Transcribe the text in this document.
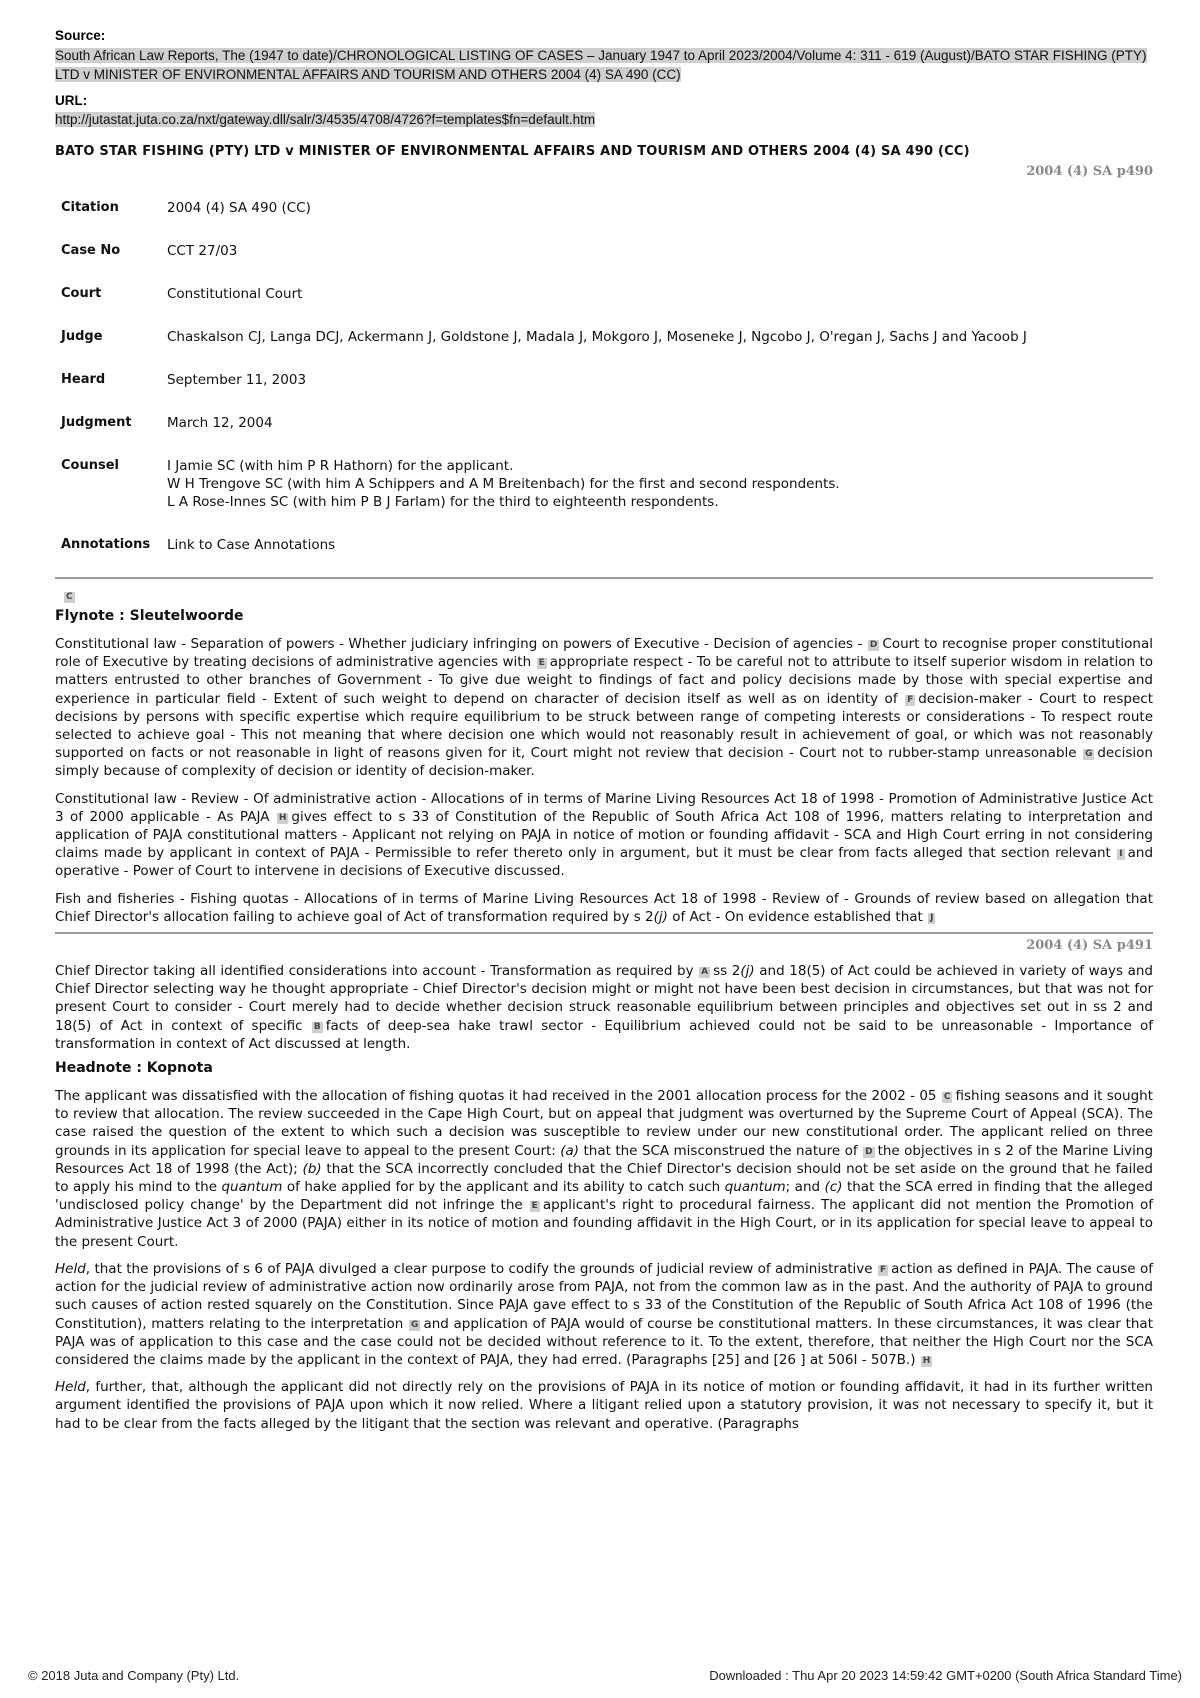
Source:
South African Law Reports, The (1947 to date)/CHRONOLOGICAL LISTING OF CASES – January 1947 to April 2023/2004/Volume 4: 311 - 619 (August)/BATO STAR FISHING (PTY) LTD v MINISTER OF ENVIRONMENTAL AFFAIRS AND TOURISM AND OTHERS 2004 (4) SA 490 (CC)
URL:
http://jutastat.juta.co.za/nxt/gateway.dll/salr/3/4535/4708/4726?f=templates$fn=default.htm
BATO STAR FISHING (PTY) LTD v MINISTER OF ENVIRONMENTAL AFFAIRS AND TOURISM AND OTHERS 2004 (4) SA 490 (CC)
2004 (4) SA p490
Citation	2004 (4) SA 490 (CC)
Case No	CCT 27/03
Court	Constitutional Court
Judge	Chaskalson CJ, Langa DCJ, Ackermann J, Goldstone J, Madala J, Mokgoro J, Moseneke J, Ngcobo J, O'regan J, Sachs J and Yacoob J
Heard	September 11, 2003
Judgment	March 12, 2004
Counsel	I Jamie SC (with him P R Hathorn) for the applicant.
W H Trengove SC (with him A Schippers and A M Breitenbach) for the first and second respondents.
L A Rose-Innes SC (with him P B J Farlam) for the third to eighteenth respondents.

Annotations	Link to Case Annotations
C
Flynote : Sleutelwoorde

Constitutional law - Separation of powers - Whether judiciary infringing on powers of Executive - Decision of agencies - D Court to recognise proper constitutional role of Executive by treating decisions of administrative agencies with E appropriate respect - To be careful not to attribute to itself superior wisdom in relation to matters entrusted to other branches of Government - To give due weight to findings of fact and policy decisions made by those with special expertise and experience in particular field - Extent of such weight to depend on character of decision itself as well as on identity of F decision-maker - Court to respect decisions by persons with specific expertise which require equilibrium to be struck between range of competing interests or considerations - To respect route selected to achieve goal - This not meaning that where decision one which would not reasonably result in achievement of goal, or which was not reasonably supported on facts or not reasonable in light of reasons given for it, Court might not review that decision - Court not to rubber-stamp unreasonable G decision simply because of complexity of decision or identity of decision-maker.

Constitutional law - Review - Of administrative action - Allocations of in terms of Marine Living Resources Act 18 of 1998 - Promotion of Administrative Justice Act 3 of 2000 applicable - As PAJA H gives effect to s 33 of Constitution of the Republic of South Africa Act 108 of 1996, matters relating to interpretation and application of PAJA constitutional matters - Applicant not relying on PAJA in notice of motion or founding affidavit - SCA and High Court erring in not considering claims made by applicant in context of PAJA - Permissible to refer thereto only in argument, but it must be clear from facts alleged that section relevant I and operative - Power of Court to intervene in decisions of Executive discussed.

Fish and fisheries - Fishing quotas - Allocations of in terms of Marine Living Resources Act 18 of 1998 - Review of - Grounds of review based on allegation that Chief Director's allocation failing to achieve goal of Act of transformation required by s 2(j) of Act - On evidence established that J

2004 (4) SA p491

Chief Director taking all identified considerations into account - Transformation as required by A ss 2(j) and 18(5) of Act could be achieved in variety of ways and Chief Director selecting way he thought appropriate - Chief Director's decision might or might not have been best decision in circumstances, but that was not for present Court to consider - Court merely had to decide whether decision struck reasonable equilibrium between principles and objectives set out in ss 2 and 18(5) of Act in context of specific B facts of deep-sea hake trawl sector - Equilibrium achieved could not be said to be unreasonable - Importance of transformation in context of Act discussed at length.

Headnote : Kopnota

The applicant was dissatisfied with the allocation of fishing quotas it had received in the 2001 allocation process for the 2002 - 05 C fishing seasons and it sought to review that allocation. The review succeeded in the Cape High Court, but on appeal that judgment was overturned by the Supreme Court of Appeal (SCA). The case raised the question of the extent to which such a decision was susceptible to review under our new constitutional order. The applicant relied on three grounds in its application for special leave to appeal to the present Court: (a) that the SCA misconstrued the nature of D the objectives in s 2 of the Marine Living Resources Act 18 of 1998 (the Act); (b) that the SCA incorrectly concluded that the Chief Director's decision should not be set aside on the ground that he failed to apply his mind to the quantum of hake applied for by the applicant and its ability to catch such quantum; and (c) that the SCA erred in finding that the alleged 'undisclosed policy change' by the Department did not infringe the E applicant's right to procedural fairness. The applicant did not mention the Promotion of Administrative Justice Act 3 of 2000 (PAJA) either in its notice of motion and founding affidavit in the High Court, or in its application for special leave to appeal to the present Court.

Held, that the provisions of s 6 of PAJA divulged a clear purpose to codify the grounds of judicial review of administrative F action as defined in PAJA. The cause of action for the judicial review of administrative action now ordinarily arose from PAJA, not from the common law as in the past. And the authority of PAJA to ground such causes of action rested squarely on the Constitution. Since PAJA gave effect to s 33 of the Constitution of the Republic of South Africa Act 108 of 1996 (the Constitution), matters relating to the interpretation G and application of PAJA would of course be constitutional matters. In these circumstances, it was clear that PAJA was of application to this case and the case could not be decided without reference to it. To the extent, therefore, that neither the High Court nor the SCA considered the claims made by the applicant in the context of PAJA, they had erred. (Paragraphs [25] and [26 ] at 506I - 507B.) H

Held, further, that, although the applicant did not directly rely on the provisions of PAJA in its notice of motion or founding affidavit, it had in its further written argument identified the provisions of PAJA upon which it now relied. Where a litigant relied upon a statutory provision, it was not necessary to specify it, but it had to be clear from the facts alleged by the litigant that the section was relevant and operative. (Paragraphs

© 2018 Juta and Company (Pty) Ltd.	Downloaded : Thu Apr 20 2023 14:59:42 GMT+0200 (South Africa Standard Time)
